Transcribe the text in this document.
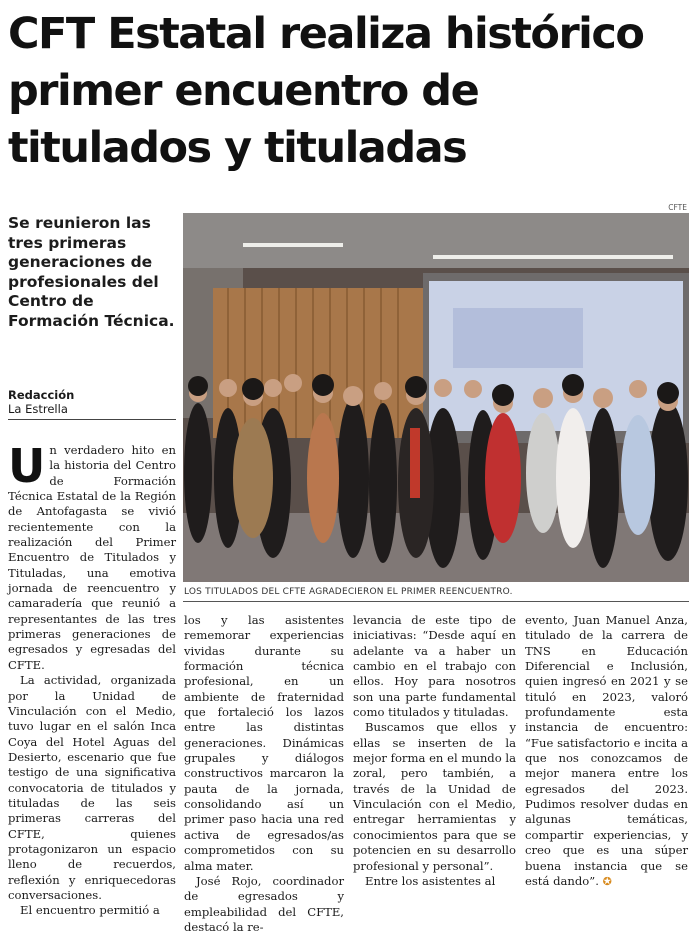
CFT Estatal realiza histórico
primer encuentro de
titulados y tituladas
Se reunieron las tres primeras generaciones de profesionales del Centro de Formación Técnica.
Redacción
La Estrella
CFTE
LOS TITULADOS DEL CFTE AGRADECIERON EL PRIMER REENCUENTRO.

Un verdadero hito en la historia del Centro de Formación Técnica Estatal de la Región de Antofagasta se vivió recientemente con la realización del Primer Encuentro de Titulados y Tituladas, una emotiva jornada de reencuentro y camaradería que reunió a representantes de las tres primeras generaciones de egresados y egresadas del CFTE.

La actividad, organizada por la Unidad de Vinculación con el Medio, tuvo lugar en el salón Inca Coya del Hotel Aguas del Desierto, escenario que fue testigo de una significativa convocatoria de titulados y tituladas de las seis primeras carreras del CFTE, quienes protagonizaron un espacio lleno de recuerdos, reflexión y enriquecedoras conversaciones.

El encuentro permitió a

los y las asistentes rememorar experiencias vividas durante su formación técnica profesional, en un ambiente de fraternidad que fortaleció los lazos entre las distintas generaciones. Dinámicas grupales y diálogos constructivos marcaron la pauta de la jornada, consolidando así un primer paso hacia una red activa de egresados/as comprometidos con su alma mater.

José Rojo, coordinador de egresados y empleabilidad del CFTE, destacó la re-

levancia de este tipo de iniciativas: “Desde aquí en adelante va a haber un cambio en el trabajo con ellos. Hoy para nosotros son una parte fundamental como titulados y tituladas.

Buscamos que ellos y ellas se inserten de la mejor forma en el mundo la zoral, pero también, a través de la Unidad de Vinculación con el Medio, entregar herramientas y conocimientos para que se potencien en su desarrollo profesional y personal”.

Entre los asistentes al

evento, Juan Manuel Anza, titulado de la carrera de TNS en Educación Diferencial e Inclusión, quien ingresó en 2021 y se tituló en 2023, valoró profundamente esta instancia de encuentro: “Fue satisfactorio e incita a que nos conozcamos de mejor manera entre los egresados del 2023. Pudimos resolver dudas en algunas temáticas, compartir experiencias, y creo que es una súper buena instancia que se está dando”. ✪
